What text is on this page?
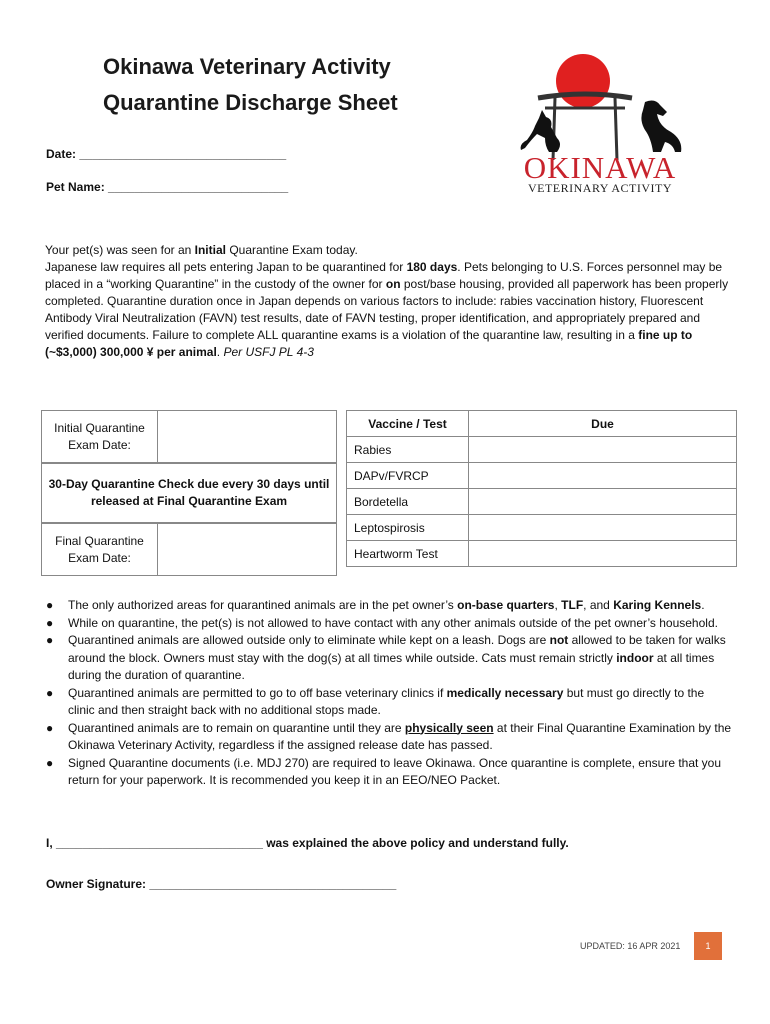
Okinawa Veterinary Activity
Quarantine Discharge Sheet
OKINAWA
VETERINARY ACTIVITY
Date: _______________________________
Pet Name: ___________________________

Your pet(s) was seen for an Initial Quarantine Exam today.

Japanese law requires all pets entering Japan to be quarantined for 180 days. Pets belonging to U.S. Forces personnel may be placed in a “working Quarantine” in the custody of the owner for on post/base housing, provided all paperwork has been properly completed. Quarantine duration once in Japan depends on various factors to include: rabies vaccination history, Fluorescent Antibody Viral Neutralization (FAVN) test results, date of FAVN testing, proper identification, and appropriately prepared and verified documents. Failure to complete ALL quarantine exams is a violation of the quarantine law, resulting in a fine up to (~$3,000) 300,000 ¥ per animal. Per USFJ PL 4-3

Initial Quarantine Exam Date:
30-Day Quarantine Check due every 30 days until released at Final Quarantine Exam
Final Quarantine Exam Date:
Vaccine / Test	Due
Rabies	
DAPv/FVRCP	
Bordetella	
Leptospirosis	
Heartworm Test	
● The only authorized areas for quarantined animals are in the pet owner’s on-base quarters, TLF, and Karing Kennels.
● While on quarantine, the pet(s) is not allowed to have contact with any other animals outside of the pet owner’s household.
● Quarantined animals are allowed outside only to eliminate while kept on a leash. Dogs are not allowed to be taken for walks around the block. Owners must stay with the dog(s) at all times while outside. Cats must remain strictly indoor at all times during the duration of quarantine.
● Quarantined animals are permitted to go to off base veterinary clinics if medically necessary but must go directly to the clinic and then straight back with no additional stops made.
● Quarantined animals are to remain on quarantine until they are physically seen at their Final Quarantine Examination by the Okinawa Veterinary Activity, regardless if the assigned release date has passed.
● Signed Quarantine documents (i.e. MDJ 270) are required to leave Okinawa. Once quarantine is complete, ensure that you return for your paperwork. It is recommended you keep it in an EEO/NEO Packet.
I, _______________________________ was explained the above policy and understand fully.
Owner Signature: _____________________________________
UPDATED: 16 APR 2021	1
